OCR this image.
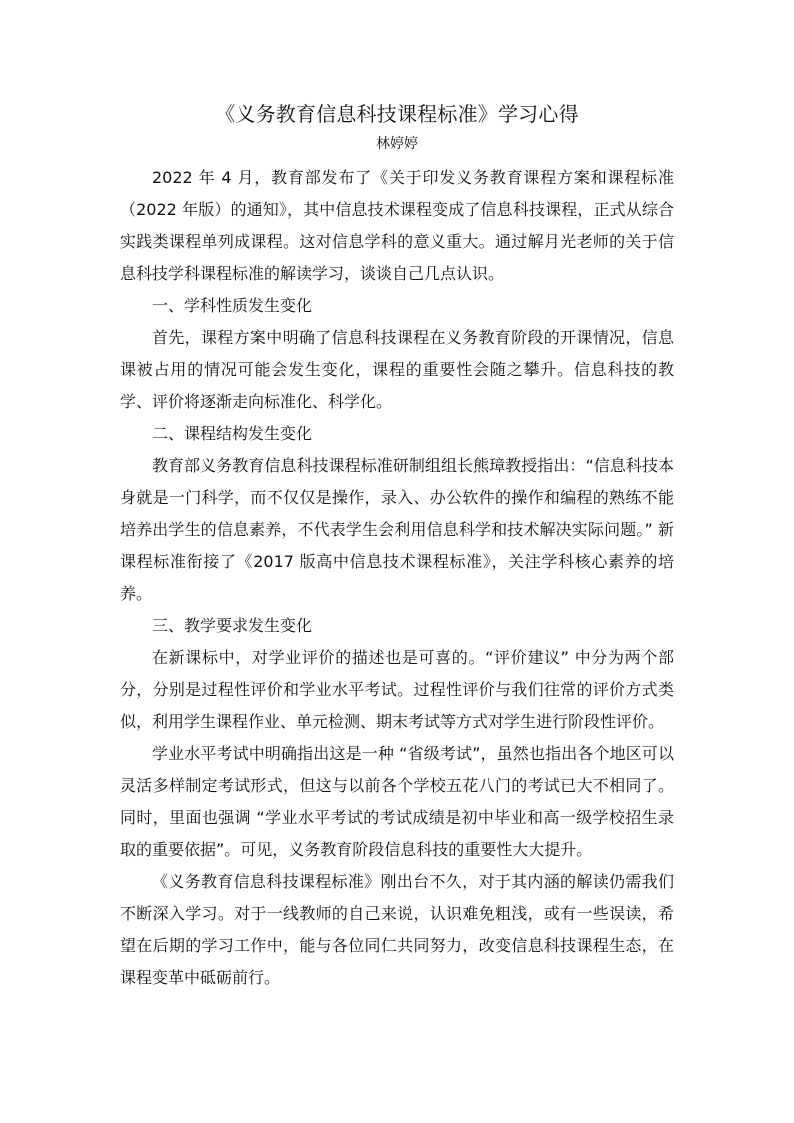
《义务教育信息科技课程标准》学习心得

林婷婷

2022 年 4 月，教育部发布了《关于印发义务教育课程方案和课程标准（2022 年版）的通知》，其中信息技术课程变成了信息科技课程，正式从综合实践类课程单列成课程。这对信息学科的意义重大。通过解月光老师的关于信息科技学科课程标准的解读学习，谈谈自己几点认识。

一、学科性质发生变化

首先，课程方案中明确了信息科技课程在义务教育阶段的开课情况，信息课被占用的情况可能会发生变化，课程的重要性会随之攀升。信息科技的教学、评价将逐渐走向标准化、科学化。

二、课程结构发生变化

教育部义务教育信息科技课程标准研制组组长熊璋教授指出：“信息科技本身就是一门科学，而不仅仅是操作，录入、办公软件的操作和编程的熟练不能培养出学生的信息素养，不代表学生会利用信息科学和技术解决实际问题。” 新课程标准衔接了《2017 版高中信息技术课程标准》，关注学科核心素养的培养。

三、教学要求发生变化

在新课标中，对学业评价的描述也是可喜的。“评价建议” 中分为两个部分，分别是过程性评价和学业水平考试。过程性评价与我们往常的评价方式类似，利用学生课程作业、单元检测、期末考试等方式对学生进行阶段性评价。

学业水平考试中明确指出这是一种 “省级考试”，虽然也指出各个地区可以灵活多样制定考试形式，但这与以前各个学校五花八门的考试已大不相同了。同时，里面也强调 “学业水平考试的考试成绩是初中毕业和高一级学校招生录取的重要依据”。可见，义务教育阶段信息科技的重要性大大提升。

《义务教育信息科技课程标准》刚出台不久，对于其内涵的解读仍需我们不断深入学习。对于一线教师的自己来说，认识难免粗浅，或有一些误读，希望在后期的学习工作中，能与各位同仁共同努力，改变信息科技课程生态，在课程变革中砥砺前行。
